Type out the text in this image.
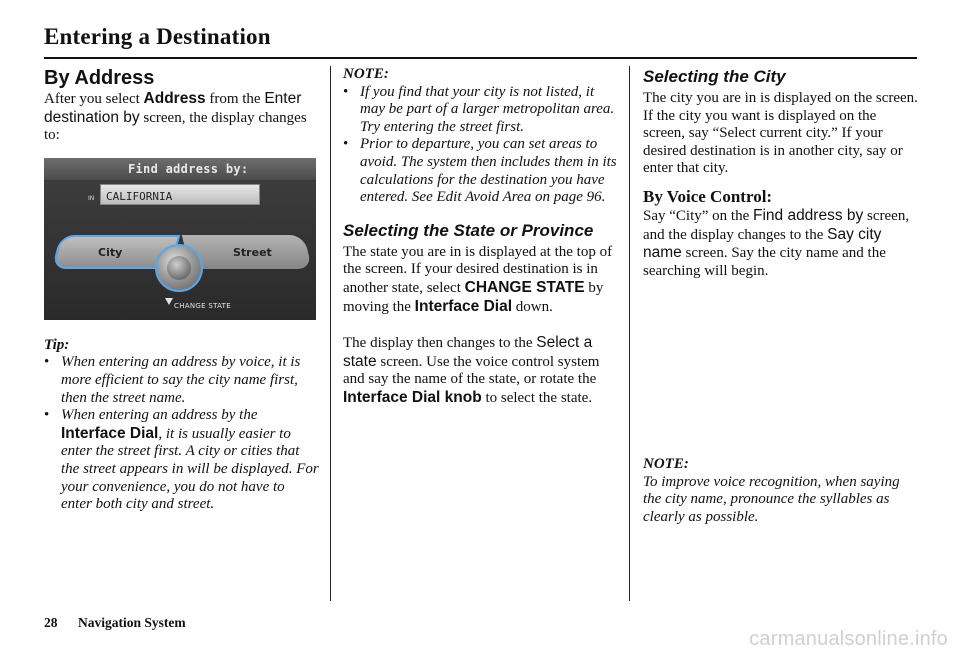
Entering a Destination
By Address

After you select Address from the Enter destination by screen, the display changes to:

Find address by:
IN CALIFORNIA
City	Street
CHANGE STATE

Tip:

• When entering an address by voice, it is more efficient to say the city name first, then the street name.
• When entering an address by the Interface Dial, it is usually easier to enter the street first. A city or cities that the street appears in will be displayed. For your convenience, you do not have to enter both city and street.

NOTE:

• If you find that your city is not listed, it may be part of a larger metropolitan area. Try entering the street first.
• Prior to departure, you can set areas to avoid. The system then includes them in its calculations for the destination you have entered. See Edit Avoid Area on page 96.
Selecting the State or Province

The state you are in is displayed at the top of the screen. If your desired destination is in another state, select CHANGE STATE by moving the Interface Dial down.

The display then changes to the Select a state screen. Use the voice control system and say the name of the state, or rotate the Interface Dial knob to select the state.

Selecting the City

The city you are in is displayed on the screen. If the city you want is displayed on the screen, say “Select current city.” If your desired destination is in another city, say or enter that city.

By Voice Control:

Say “City” on the Find address by screen, and the display changes to the Say city name screen. Say the city name and the searching will begin.

NOTE:

To improve voice recognition, when saying the city name, pronounce the syllables as clearly as possible.

28 Navigation System
carmanualsonline.info
